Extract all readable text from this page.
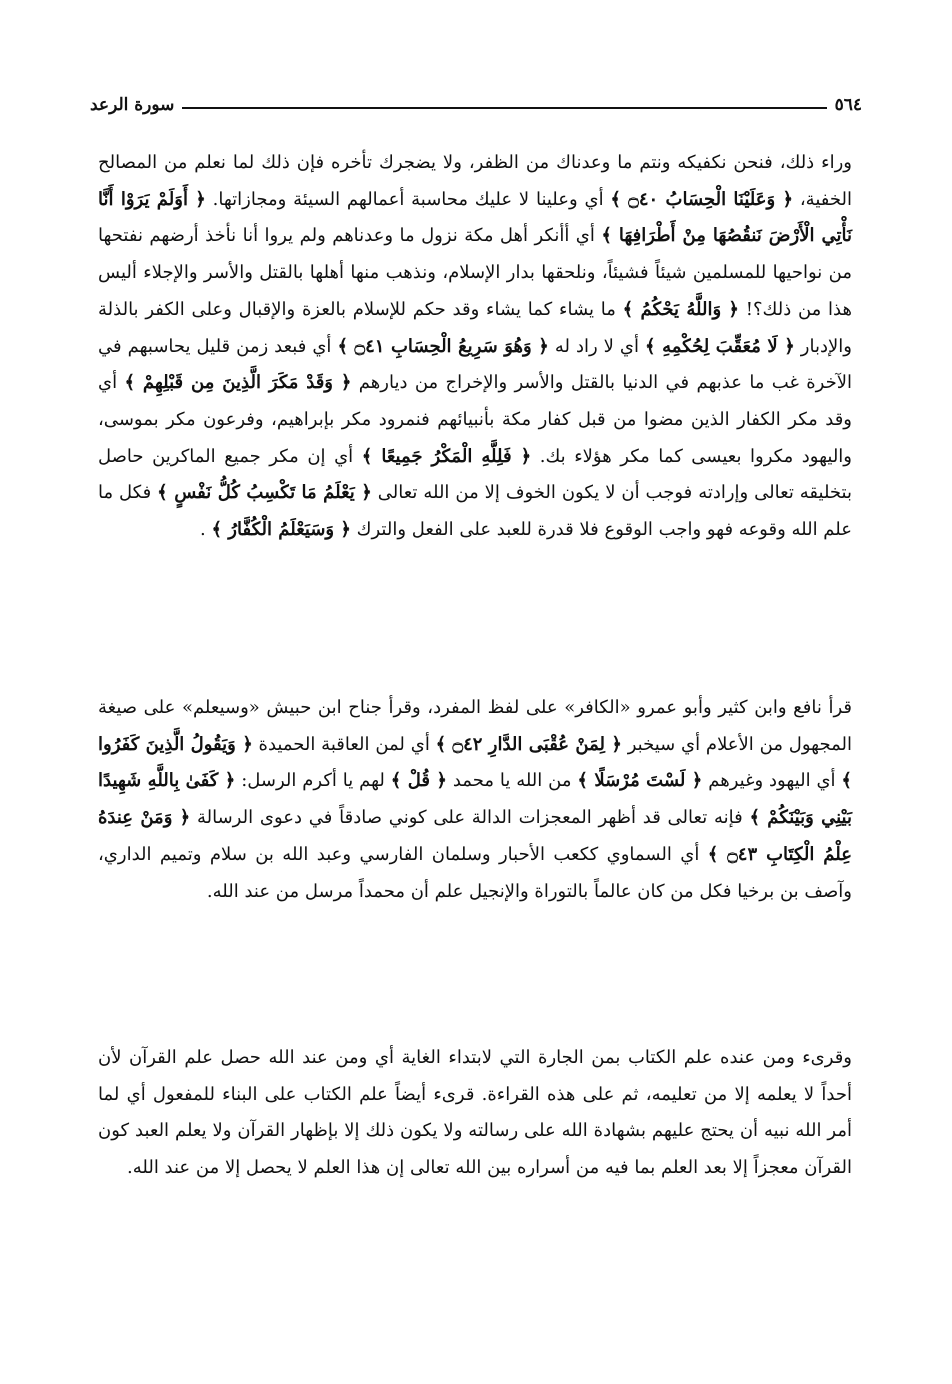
٥٦٤
سورة الرعد

وراء ذلك، فنحن نكفيكه ونتم ما وعدناك من الظفر، ولا يضجرك تأخره فإن ذلك لما نعلم من المصالح الخفية، ﴿ وَعَلَيْنَا الْحِسَابُ ۝٤٠ ﴾ أي وعلينا لا عليك محاسبة أعمالهم السيئة ومجازاتها. ﴿ أَوَلَمْ يَرَوْا أَنَّا نَأْتِي الْأَرْضَ نَنقُصُهَا مِنْ أَطْرَافِهَا ﴾ أي أأنكر أهل مكة نزول ما وعدناهم ولم يروا أنا نأخذ أرضهم نفتحها من نواحيها للمسلمين شيئاً فشيئاً، ونلحقها بدار الإسلام، ونذهب منها أهلها بالقتل والأسر والإجلاء أليس هذا من ذلك؟! ﴿ وَاللَّهُ يَحْكُمُ ﴾ ما يشاء كما يشاء وقد حكم للإسلام بالعزة والإقبال وعلى الكفر بالذلة والإدبار ﴿ لَا مُعَقِّبَ لِحُكْمِهِ ﴾ أي لا راد له ﴿ وَهُوَ سَرِيعُ الْحِسَابِ ۝٤١ ﴾ أي فبعد زمن قليل يحاسبهم في الآخرة غب ما عذبهم في الدنيا بالقتل والأسر والإخراج من ديارهم ﴿ وَقَدْ مَكَرَ الَّذِينَ مِن قَبْلِهِمْ ﴾ أي وقد مكر الكفار الذين مضوا من قبل كفار مكة بأنبيائهم فنمرود مكر بإبراهيم، وفرعون مكر بموسى، واليهود مكروا بعيسى كما مكر هؤلاء بك. ﴿ فَلِلَّهِ الْمَكْرُ جَمِيعًا ﴾ أي إن مكر جميع الماكرين حاصل بتخليقه تعالى وإرادته فوجب أن لا يكون الخوف إلا من الله تعالى ﴿ يَعْلَمُ مَا تَكْسِبُ كُلُّ نَفْسٍ ﴾ فكل ما علم الله وقوعه فهو واجب الوقوع فلا قدرة للعبد على الفعل والترك ﴿ وَسَيَعْلَمُ الْكُفَّارُ ﴾ .

قرأ نافع وابن كثير وأبو عمرو «الكافر» على لفظ المفرد، وقرأ جناح ابن حبيش «وسيعلم» على صيغة المجهول من الأعلام أي سيخبر ﴿ لِمَنْ عُقْبَى الدَّارِ ۝٤٢ ﴾ أي لمن العاقبة الحميدة ﴿ وَيَقُولُ الَّذِينَ كَفَرُوا ﴾ أي اليهود وغيرهم ﴿ لَسْتَ مُرْسَلًا ﴾ من الله يا محمد ﴿ قُلْ ﴾ لهم يا أكرم الرسل: ﴿ كَفَىٰ بِاللَّهِ شَهِيدًا بَيْنِي وَبَيْنَكُمْ ﴾ فإنه تعالى قد أظهر المعجزات الدالة على كوني صادقاً في دعوى الرسالة ﴿ وَمَنْ عِندَهُ عِلْمُ الْكِتَابِ ۝٤٣ ﴾ أي السماوي ككعب الأحبار وسلمان الفارسي وعبد الله بن سلام وتميم الداري، وآصف بن برخيا فكل من كان عالماً بالتوراة والإنجيل علم أن محمداً مرسل من عند الله.

وقرىء ومن عنده علم الكتاب بمن الجارة التي لابتداء الغاية أي ومن عند الله حصل علم القرآن لأن أحداً لا يعلمه إلا من تعليمه، ثم على هذه القراءة. قرىء أيضاً علم الكتاب على البناء للمفعول أي لما أمر الله نبيه أن يحتج عليهم بشهادة الله على رسالته ولا يكون ذلك إلا بإظهار القرآن ولا يعلم العبد كون القرآن معجزاً إلا بعد العلم بما فيه من أسراره بين الله تعالى إن هذا العلم لا يحصل إلا من عند الله.
